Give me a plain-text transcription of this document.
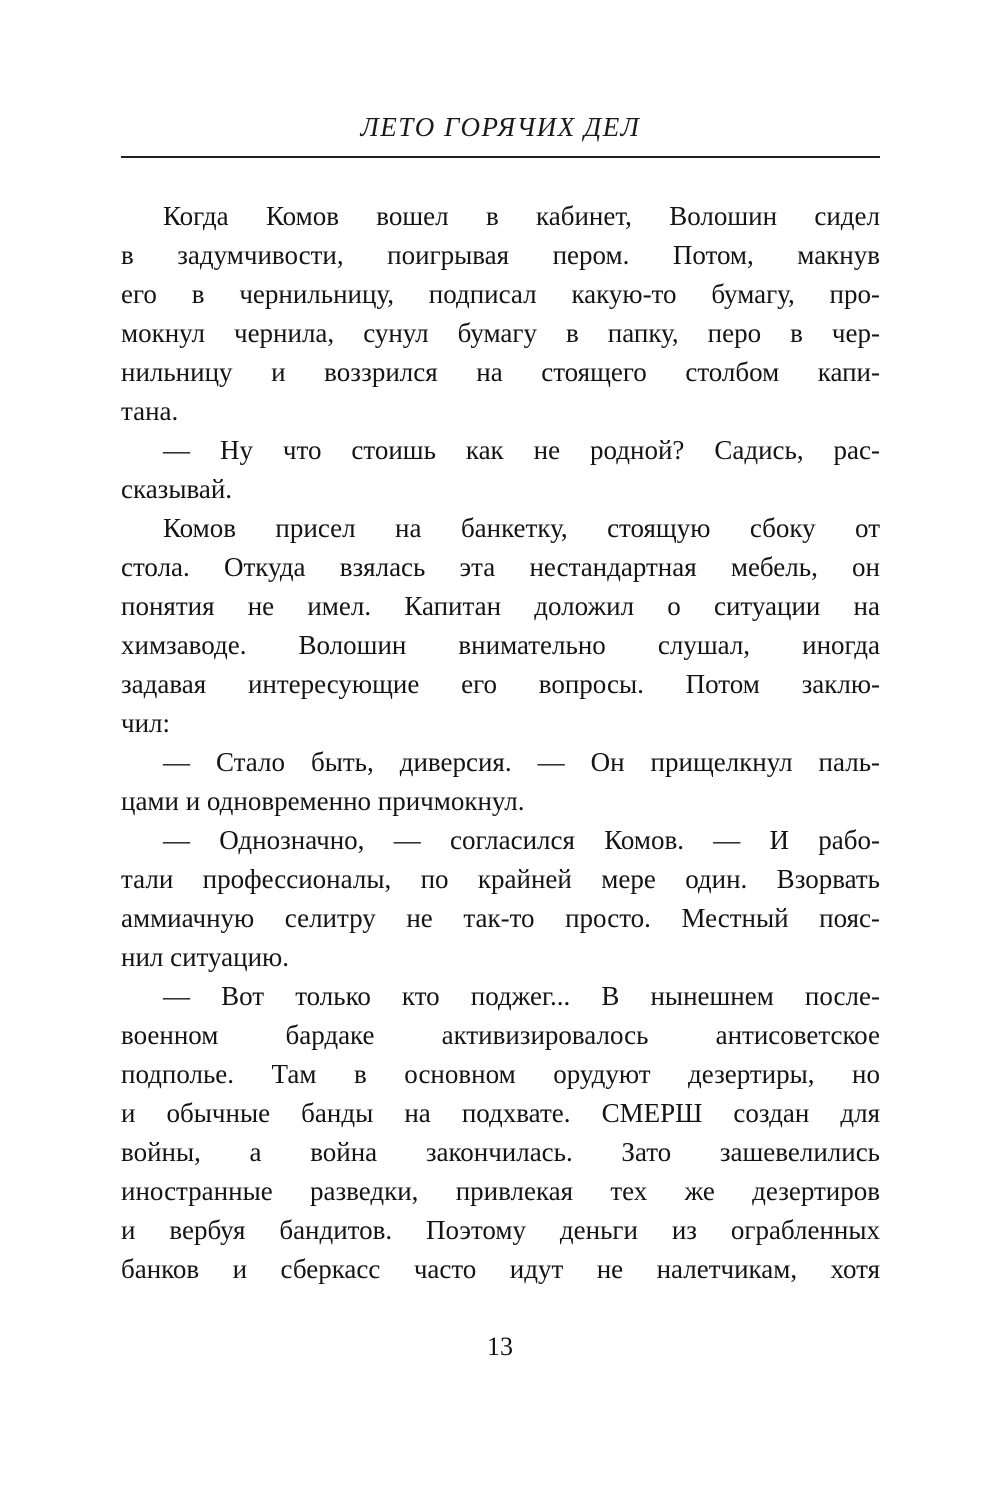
ЛЕТО ГОРЯЧИХ ДЕЛ
Когда Комов вошел в кабинет, Волошин сидел
в задумчивости, поигрывая пером. Потом, макнув
его в чернильницу, подписал какую-то бумагу, про-
мокнул чернила, сунул бумагу в папку, перо в чер-
нильницу и воззрился на стоящего столбом капи-
тана.
— Ну что стоишь как не родной? Садись, рас-
сказывай.
Комов присел на банкетку, стоящую сбоку от
стола. Откуда взялась эта нестандартная мебель, он
понятия не имел. Капитан доложил о ситуации на
химзаводе. Волошин внимательно слушал, иногда
задавая интересующие его вопросы. Потом заклю-
чил:
— Стало быть, диверсия. — Он прищелкнул паль-
цами и одновременно причмокнул.
— Однозначно, — согласился Комов. — И рабо-
тали профессионалы, по крайней мере один. Взорвать
аммиачную селитру не так-то просто. Местный пояс-
нил ситуацию.
— Вот только кто поджег... В нынешнем после-
военном бардаке активизировалось антисоветское
подполье. Там в основном орудуют дезертиры, но
и обычные банды на подхвате. СМЕРШ создан для
войны, а война закончилась. Зато зашевелились
иностранные разведки, привлекая тех же дезертиров
и вербуя бандитов. Поэтому деньги из ограбленных
банков и сберкасс часто идут не налетчикам, хотя
13
